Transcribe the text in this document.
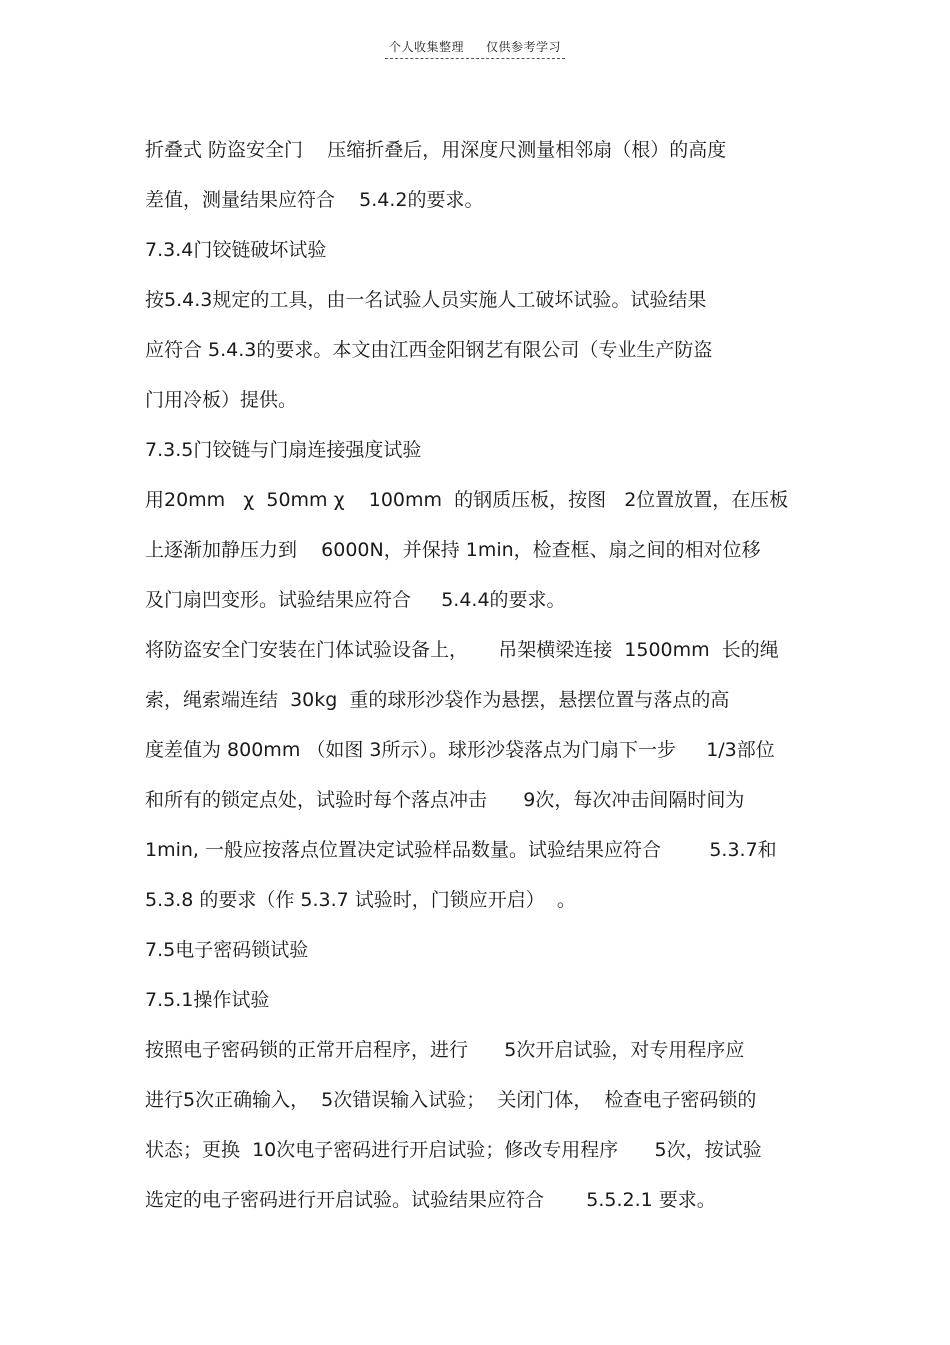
个人收集整理 仅供参考学习
折叠式 防盗安全门    压缩折叠后，用深度尺测量相邻扇（根）的高度
差值，测量结果应符合    5.4.2的要求。
7.3.4门铰链破坏试验
按5.4.3规定的工具，由一名试验人员实施人工破坏试验。试验结果
应符合 5.4.3的要求。本文由江西金阳钢艺有限公司（专业生产防盗
门用冷板）提供。
7.3.5门铰链与门扇连接强度试验
用20mm   χ  50mm χ    100mm  的钢质压板，按图   2位置放置，在压板
上逐渐加静压力到    6000N，并保持 1min，检查框、扇之间的相对位移
及门扇凹变形。试验结果应符合     5.4.4的要求。
将防盗安全门安装在门体试验设备上，     吊架横梁连接  1500mm  长的绳
索，绳索端连结  30kg  重的球形沙袋作为悬摆，悬摆位置与落点的高
度差值为 800mm （如图 3所示）。球形沙袋落点为门扇下一步     1/3部位
和所有的锁定点处，试验时每个落点冲击      9次，每次冲击间隔时间为
1min, 一般应按落点位置决定试验样品数量。试验结果应符合        5.3.7和
5.3.8 的要求（作 5.3.7 试验时，门锁应开启）  。
7.5电子密码锁试验
7.5.1操作试验
按照电子密码锁的正常开启程序，进行      5次开启试验，对专用程序应
进行5次正确输入，  5次错误输入试验；  关闭门体，  检查电子密码锁的
状态；更换  10次电子密码进行开启试验；修改专用程序      5次，按试验
选定的电子密码进行开启试验。试验结果应符合       5.5.2.1 要求。
